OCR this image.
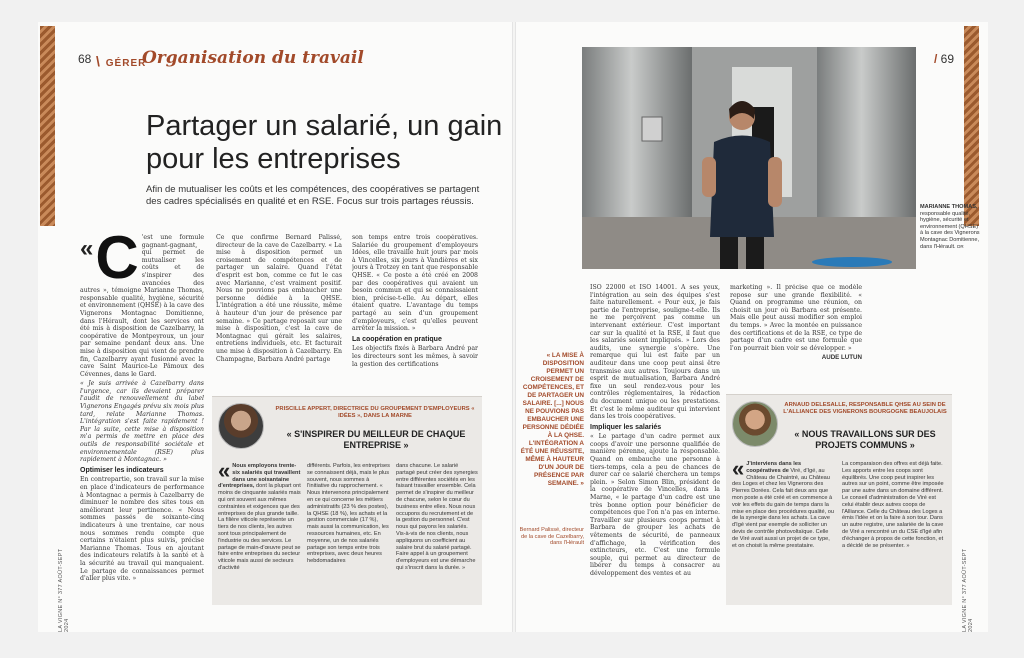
68 \ GÉRER
Organisation du travail
Partager un salarié, un gain pour les entreprises

Afin de mutualiser les coûts et les compétences, des coopératives se partagent des cadres spécialisés en qualité et en RSE. Focus sur trois partages réussis.

« C 'est une formule gagnant-gagnant, qui permet de mutualiser les coûts et de s'inspirer des avancées des autres », témoigne Marianne Thomas, responsable qualité, hygiène, sécurité et environnement (QHSE) à la cave des Vignerons Montagnac Domitienne, dans l'Hérault, dont les services ont été mis à disposition de Cazelbarry, la coopérative de Montpeyroux, un jour par semaine pendant deux ans. Une mise à disposition qui vient de prendre fin, Cazelbarry ayant fusionné avec la cave Saint Maurice-Le Pâmoux des Cévennes, dans le Gard.

« Je suis arrivée à Cazelbarry dans l'urgence, car ils devaient préparer l'audit de renouvellement du label Vignerons Engagés prévu six mois plus tard, relate Marianne Thomas. L'intégration s'est faite rapidement ! Par la suite, cette mise à disposition m'a permis de mettre en place des outils de responsabilité sociétale et environnementale (RSE) plus rapidement à Montagnac. »

Optimiser les indicateurs

En contrepartie, son travail sur la mise en place d'indicateurs de performance à Montagnac a permis à Cazelbarry de diminuer le nombre des sites tous en améliorant leur pertinence. « Nous sommes passés de soixante-cinq indicateurs à une trentaine, car nous nous sommes rendu compte que certains n'étaient plus suivis, précise Marianne Thomas. Tous en ajoutant des indicateurs relatifs à la santé et à la sécurité au travail qui manquaient. Le partage de connaissances permet d'aller plus vite. »

Ce que confirme Bernard Palissé, directeur de la cave de Cazelbarry. « La mise à disposition permet un croisement de compétences et de partager un salaire. Quand l'état d'esprit est bon, comme ce fut le cas avec Marianne, c'est vraiment positif. Nous ne pouvions pas embaucher une personne dédiée à la QHSE. L'intégration a été une réussite, même à hauteur d'un jour de présence par semaine. » Ce partage reposait sur une mise à disposition, c'est la cave de Montagnac qui gérait les salaires, entretiens individuels, etc. Et facturait une mise à disposition à Cazelbarry. En Champagne, Barbara André partage

son temps entre trois coopératives. Salariée du groupement d'employeurs Idées, elle travaille huit jours par mois à Vincelles, six jours à Vandières et six jours à Trotzey en tant que responsable QHSE. « Ce poste a été créé en 2008 par des coopératives qui avaient un besoin commun et qui se connaissaient bien, précise-t-elle. Au départ, elles étaient quatre. L'avantage du temps partagé au sein d'un groupement d'employeurs, c'est qu'elles peuvent arrêter la mission. »

La coopération en pratique

Les objectifs fixés à Barbara André par les directeurs sont les mêmes, à savoir la gestion des certifications

PRISCILLE APPERT, DIRECTRICE DU GROUPEMENT D'EMPLOYEURS « IDÉES », DANS LA MARNE
« S'INSPIRER DU MEILLEUR DE CHAQUE ENTREPRISE »
« Nous employons trente-six salariés qui travaillent dans une soixantaine d'entreprises, dont la plupart ont moins de cinquante salariés mais qui ont souvent aux mêmes contraintes et exigences que des entreprises de plus grande taille. La filière viticole représente un tiers de nos clients, les autres sont tous principalement de l'industrie ou des services. Le partage de main-d'œuvre peut se faire entre entreprises du secteur viticole mais aussi de secteurs d'activité
différents. Parfois, les entreprises se connaissent déjà, mais le plus souvent, nous sommes à l'initiative du rapprochement. « Nous intervenons principalement en ce qui concerne les métiers administratifs (23 % des postes), la QHSE (18 %), les achats et la gestion commerciale (17 %), mais aussi la communication, les ressources humaines, etc. En moyenne, un de nos salariés partage son temps entre trois entreprises, avec deux heures hebdomadaires
dans chacune. Le salarié partagé peut créer des synergies entre différentes sociétés en les faisant travailler ensemble. Cela permet de s'inspirer du meilleur de chacune, selon le cœur du business entre elles. Nous nous occupons du recrutement et de la gestion du personnel. C'est nous qui payons les salariés. Vis-à-vis de nos clients, nous appliquons un coefficient au salaire brut du salarié partagé. Faire appel à un groupement d'employeurs est une démarche qui s'inscrit dans la durée. »
LA VIGNE N° 377 AOÛT-SEPT 2024
/ 69
MARIANNE THOMAS,
responsable qualité, hygiène, sécurité et environnement (QHSE) à la cave des Vignerons Montagnac Domitienne, dans l'Hérault. DR
« LA MISE À DISPOSITION PERMET UN CROISEMENT DE COMPÉTENCES, ET DE PARTAGER UN SALAIRE. [...] NOUS NE POUVIONS PAS EMBAUCHER UNE PERSONNE DÉDIÉE À LA QHSE. L'INTÉGRATION A ÉTÉ UNE RÉUSSITE, MÊME À HAUTEUR D'UN JOUR DE PRÉSENCE PAR SEMAINE. »
Bernard Palissé, directeur de la cave de Cazelbarry, dans l'Hérault

ISO 22000 et ISO 14001. À ses yeux, l'intégration au sein des équipes s'est faite naturellement. « Pour eux, je fais partie de l'entreprise, souligne-t-elle. Ils ne me perçoivent pas comme un intervenant extérieur. C'est important car sur la qualité et la RSE, il faut que les salariés soient impliqués. » Lors des audits, une synergie s'opère. Une remarque qui lui est faite par un auditeur dans une coop peut ainsi être transmise aux autres. Toujours dans un esprit de mutualisation, Barbara André fixe un seul rendez-vous pour les contrôles réglementaires, la rédaction du document unique ou les prestations. Et c'est le même auditeur qui intervient dans les trois coopératives.

Impliquer les salariés

« Le partage d'un cadre permet aux coops d'avoir une personne qualifiée de manière pérenne, ajoute la responsable. Quand on embauche une personne à tiers-temps, cela a peu de chances de durer car ce salarié cherchera un temps plein. » Selon Simon Blin, président de la coopérative de Vincelles, dans la Marne, « le partage d'un cadre est une très bonne option pour bénéficier de compétences que l'on n'a pas en interne. Travailler sur plusieurs coops permet à Barbara de grouper les achats de vêtements de sécurité, de panneaux d'affichage, la vérification des extincteurs, etc. C'est une formule souple, qui permet au directeur de libérer du temps à consacrer au développement des ventes et au

marketing ». Il précise que ce modèle repose sur une grande flexibilité. « Quand on programme une réunion, on choisit un jour où Barbara est présente. Mais elle peut aussi modifier son emploi du temps. » Avec la montée en puissance des certifications et de la RSE, ce type de partage d'un cadre est une formule que l'on pourrait bien voir se développer. »

AUDE LUTUN

ARNAUD DELESALLE, RESPONSABLE QHSE AU SEIN DE L'ALLIANCE DES VIGNERONS BOURGOGNE BEAUJOLAIS
« NOUS TRAVAILLONS SUR DES PROJETS COMMUNS »
« J'interviens dans les coopératives de Viré, d'Igé, au Château de Chaintré, au Château des Loges et chez les Vignerons des Pierres Dorées. Cela fait deux ans que mon poste a été créé et en commence à voir les effets du gain de temps dans la mise en place des procédures qualité, ou de la synergie dans les achats. La cave d'Igé vient par exemple de solliciter un devis de contrôle photovoltaïque. Celle de Viré avait aussi un projet de ce type, et on choisit la même prestataire.
La comparaison des offres est déjà faite. Les apports entre les coops sont équilibrés. Une coop peut inspirer les autres sur un point, comme être imposée par une autre dans un domaine différent. Le conseil d'administration de Viré est celui établir deux autres coops de l'Alliance. Celle du Château des Loges a émis l'idée et on la faire à son tour. Dans un autre registre, une salariée de la cave de Viré a rencontré un du CSE d'Igé afin d'échanger à propos de cette fonction, et a décidé de se présenter. »
LA VIGNE N° 377 AOÛT-SEPT 2024
